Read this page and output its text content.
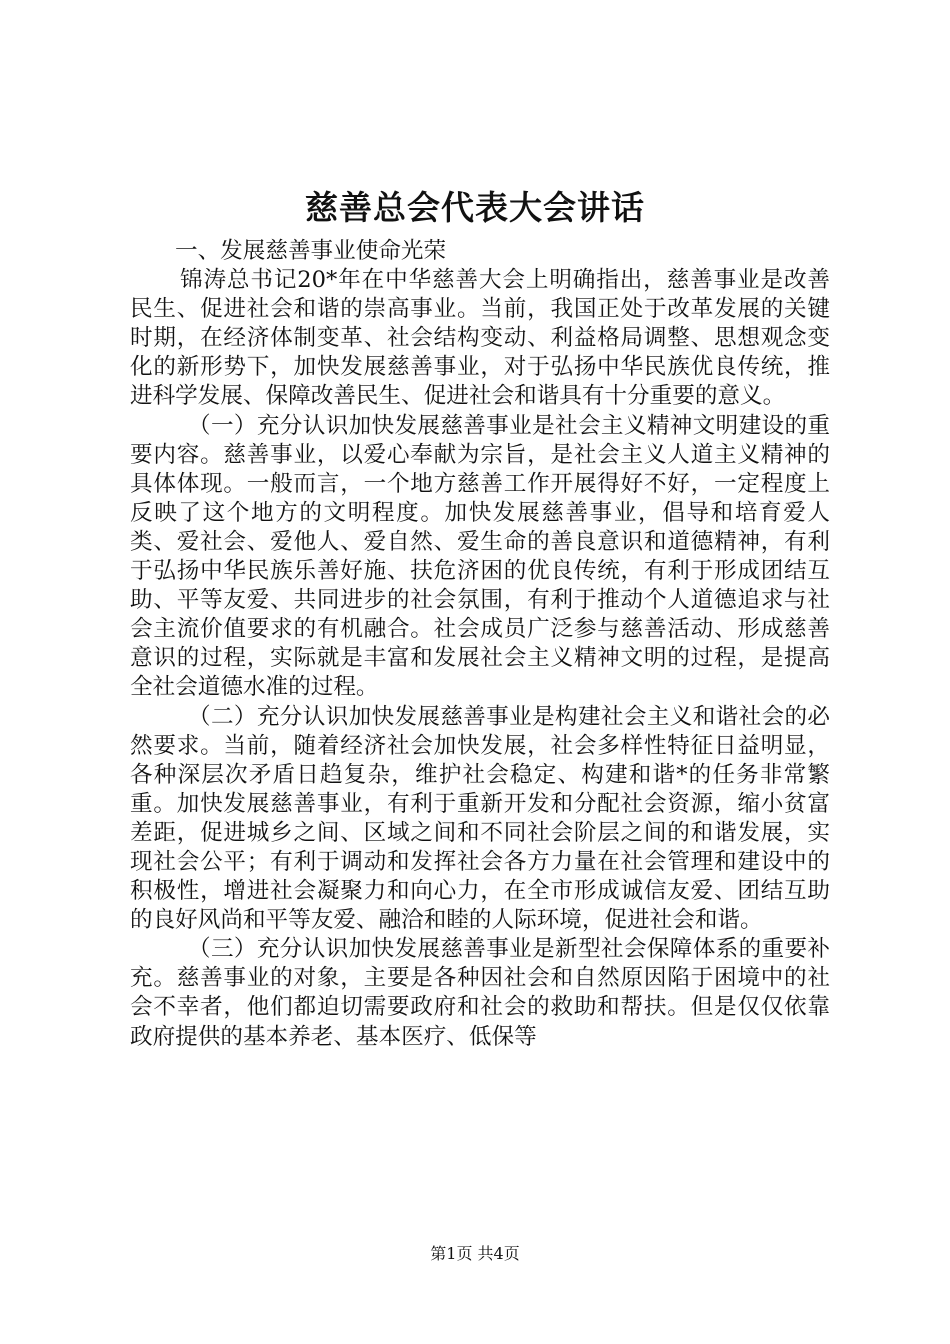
慈善总会代表大会讲话

一、发展慈善事业使命光荣

锦涛总书记20*年在中华慈善大会上明确指出，慈善事业是改善民生、促进社会和谐的崇高事业。当前，我国正处于改革发展的关键时期，在经济体制变革、社会结构变动、利益格局调整、思想观念变化的新形势下，加快发展慈善事业，对于弘扬中华民族优良传统，推进科学发展、保障改善民生、促进社会和谐具有十分重要的意义。

（一）充分认识加快发展慈善事业是社会主义精神文明建设的重要内容。慈善事业，以爱心奉献为宗旨，是社会主义人道主义精神的具体体现。一般而言，一个地方慈善工作开展得好不好，一定程度上反映了这个地方的文明程度。加快发展慈善事业，倡导和培育爱人类、爱社会、爱他人、爱自然、爱生命的善良意识和道德精神，有利于弘扬中华民族乐善好施、扶危济困的优良传统，有利于形成团结互助、平等友爱、共同进步的社会氛围，有利于推动个人道德追求与社会主流价值要求的有机融合。社会成员广泛参与慈善活动、形成慈善意识的过程，实际就是丰富和发展社会主义精神文明的过程，是提高全社会道德水准的过程。

（二）充分认识加快发展慈善事业是构建社会主义和谐社会的必然要求。当前，随着经济社会加快发展，社会多样性特征日益明显，各种深层次矛盾日趋复杂，维护社会稳定、构建和谐*的任务非常繁重。加快发展慈善事业，有利于重新开发和分配社会资源，缩小贫富差距，促进城乡之间、区域之间和不同社会阶层之间的和谐发展，实现社会公平；有利于调动和发挥社会各方力量在社会管理和建设中的积极性，增进社会凝聚力和向心力，在全市形成诚信友爱、团结互助的良好风尚和平等友爱、融洽和睦的人际环境，促进社会和谐。

（三）充分认识加快发展慈善事业是新型社会保障体系的重要补充。慈善事业的对象，主要是各种因社会和自然原因陷于困境中的社会不幸者，他们都迫切需要政府和社会的救助和帮扶。但是仅仅依靠政府提供的基本养老、基本医疗、低保等

第1页 共4页
